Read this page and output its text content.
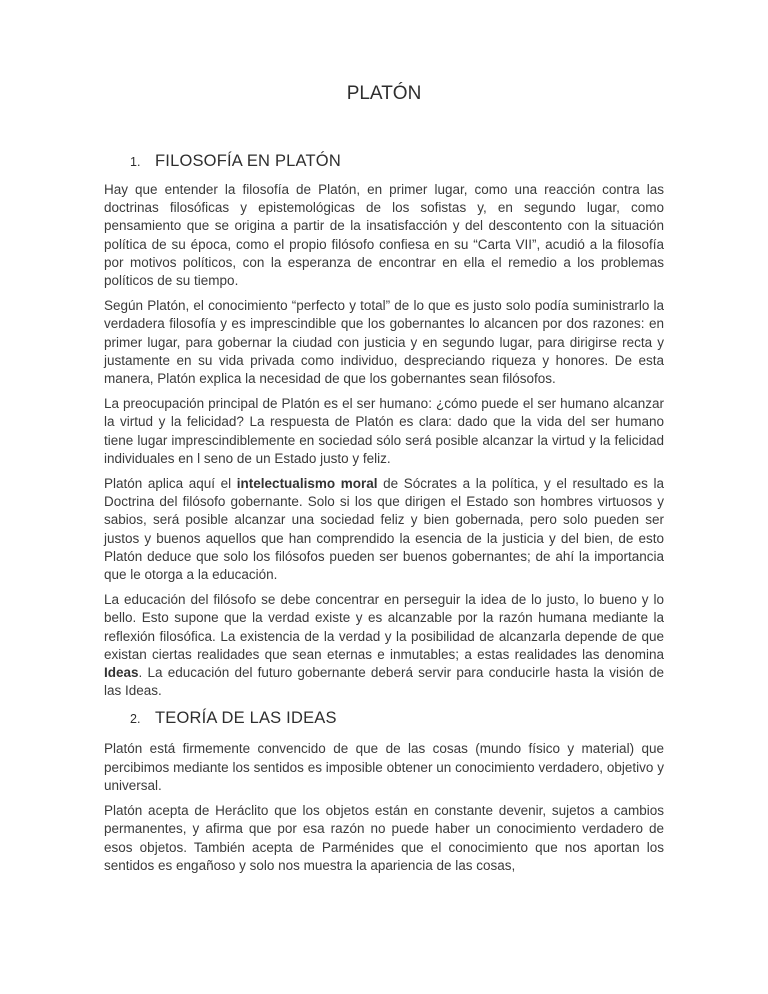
PLATÓN
1. FILOSOFÍA EN PLATÓN

Hay que entender la filosofía de Platón, en primer lugar, como una reacción contra las doctrinas filosóficas y epistemológicas de los sofistas y, en segundo lugar, como pensamiento que se origina a partir de la insatisfacción y del descontento con la situación política de su época, como el propio filósofo confiesa en su “Carta VII”, acudió a la filosofía por motivos políticos, con la esperanza de encontrar en ella el remedio a los problemas políticos de su tiempo.

Según Platón, el conocimiento “perfecto y total” de lo que es justo solo podía suministrarlo la verdadera filosofía y es imprescindible que los gobernantes lo alcancen por dos razones: en primer lugar, para gobernar la ciudad con justicia y en segundo lugar, para dirigirse recta y justamente en su vida privada como individuo, despreciando riqueza y honores. De esta manera, Platón explica la necesidad de que los gobernantes sean filósofos.

La preocupación principal de Platón es el ser humano: ¿cómo puede el ser humano alcanzar la virtud y la felicidad? La respuesta de Platón es clara: dado que la vida del ser humano tiene lugar imprescindiblemente en sociedad sólo será posible alcanzar la virtud y la felicidad individuales en l seno de un Estado justo y feliz.

Platón aplica aquí el intelectualismo moral de Sócrates a la política, y el resultado es la Doctrina del filósofo gobernante. Solo si los que dirigen el Estado son hombres virtuosos y sabios, será posible alcanzar una sociedad feliz y bien gobernada, pero solo pueden ser justos y buenos aquellos que han comprendido la esencia de la justicia y del bien, de esto Platón deduce que solo los filósofos pueden ser buenos gobernantes; de ahí la importancia que le otorga a la educación.

La educación del filósofo se debe concentrar en perseguir la idea de lo justo, lo bueno y lo bello. Esto supone que la verdad existe y es alcanzable por la razón humana mediante la reflexión filosófica. La existencia de la verdad y la posibilidad de alcanzarla depende de que existan ciertas realidades que sean eternas e inmutables; a estas realidades las denomina Ideas. La educación del futuro gobernante deberá servir para conducirle hasta la visión de las Ideas.

2. TEORÍA DE LAS IDEAS

Platón está firmemente convencido de que de las cosas (mundo físico y material) que percibimos mediante los sentidos es imposible obtener un conocimiento verdadero, objetivo y universal.

Platón acepta de Heráclito que los objetos están en constante devenir, sujetos a cambios permanentes, y afirma que por esa razón no puede haber un conocimiento verdadero de esos objetos. También acepta de Parménides que el conocimiento que nos aportan los sentidos es engañoso y solo nos muestra la apariencia de las cosas,
